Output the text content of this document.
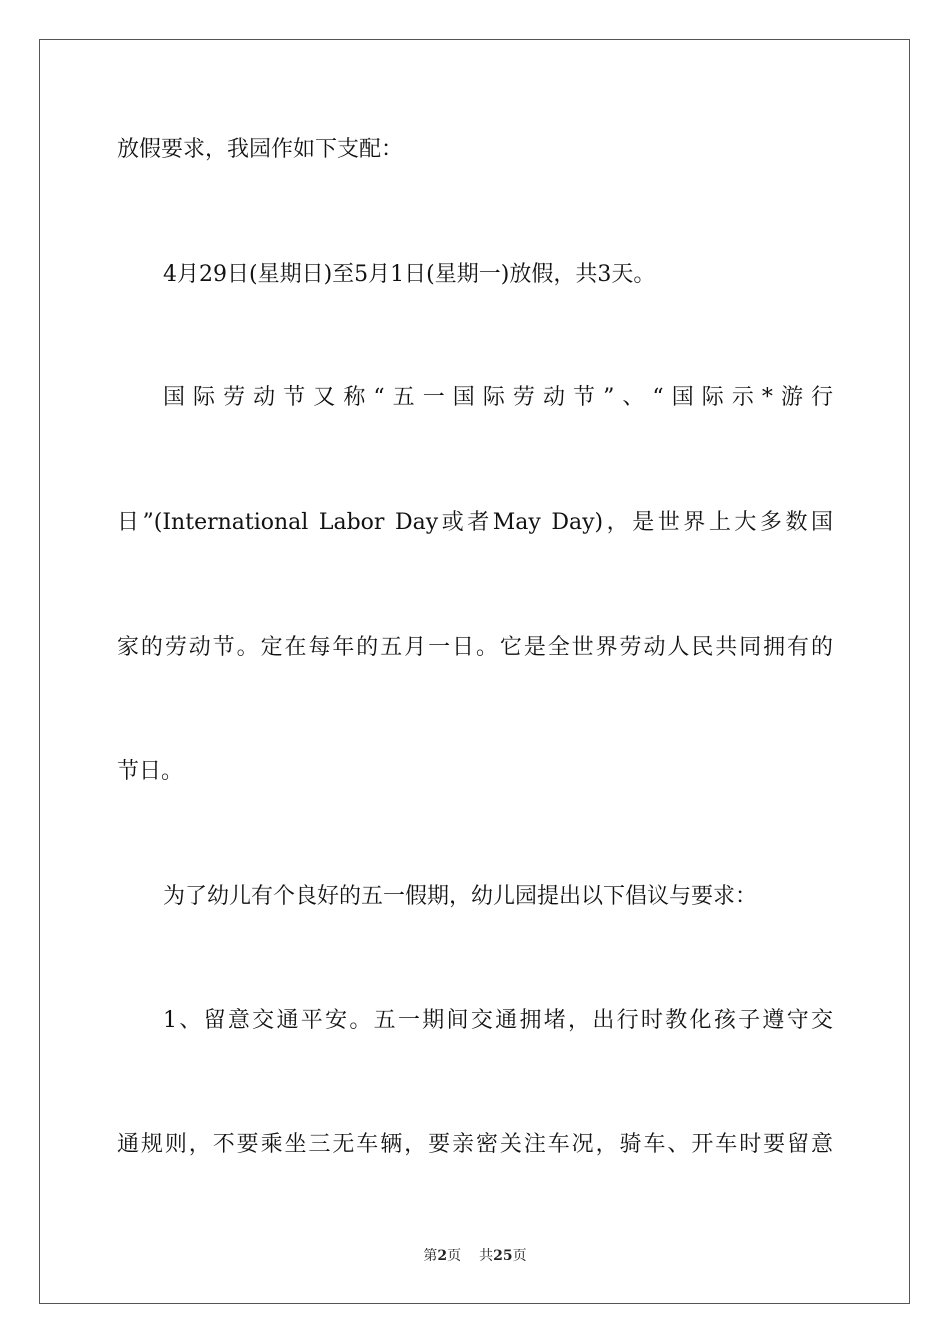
放假要求，我园作如下支配：
4月29日(星期日)至5月1日(星期一)放假，共3天。
国际劳动节又称“五一国际劳动节”、“国际示*游行
日”(International Labor Day或者May Day)，是世界上大多数国
家的劳动节。定在每年的五月一日。它是全世界劳动人民共同拥有的
节日。
为了幼儿有个良好的五一假期，幼儿园提出以下倡议与要求：
1、留意交通平安。五一期间交通拥堵，出行时教化孩子遵守交
通规则，不要乘坐三无车辆，要亲密关注车况，骑车、开车时要留意
第2页 共25页
